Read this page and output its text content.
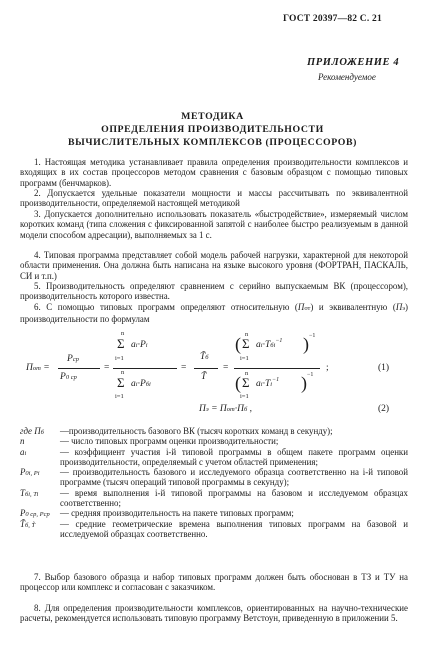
ГОСТ 20397—82 С. 21
ПРИЛОЖЕНИЕ 4
Рекомендуемое
МЕТОДИКА
ОПРЕДЕЛЕНИЯ ПРОИЗВОДИТЕЛЬНОСТИ
ВЫЧИСЛИТЕЛЬНЫХ КОМПЛЕКСОВ (ПРОЦЕССОРОВ)

1. Настоящая методика устанавливает правила определения производительности комплексов и входящих в их состав процессоров методом сравнения с базовым образцом с помощью типовых программ (бенчмарков).

2. Допускается удельные показатели мощности и массы рассчитывать по эквивалентной производительности, определяемой настоящей методикой

3. Допускается дополнительно использовать показатель «быстродействие», измеряемый числом коротких команд (типа сложения с фиксированной запятой с наиболее быстро реализуемым в данной модели способом адресации), выполняемых за 1 с.

4. Типовая программа представляет собой модель рабочей нагрузки, характерной для некоторой области применения. Она должна быть написана на языке высокого уровня (ФОРТРАН, ПАСКАЛЬ, СИ и т.п.)

5. Производительность определяют сравнением с серийно выпускаемым ВК (процессором), производительность которого известна.

6. С помощью типовых программ определяют относительную (Пот) и эквивалентную (Пэ) производительности по формулам

Пот =
Pср
P0 ср
=
n
Σ ai·Pi
i=1
n
Σ ai·Pбi
i=1
=
T̃б
T̃
=
( n
Σ ai·Tбi$^{-1}$ ) −1
i=1
( n
Σ $ai\cdot Ti^{-1}$ ) −1
i=1
;	(1)
Пэ = Пот·Пб ,	(2)
где Пб	—производительность базового ВК (тысяч коротких команд в секунду);
n	— число типовых программ оценки производительности;
ai	— коэффициент участия i-й типовой программы в общем пакете программ оценки производительности, определяемый с учетом областей применения;
P0i, Pi	— производительность базового и исследуемого образца соответственно на i-й типовой программе (тысяч операций типовой программы в секунду);
Tбi, Ti	— время выполнения i-й типовой программы на базовом и исследуемом образцах соответственно;
P0 ср, Pср	— средняя производительность на пакете типовых программ;
T̃б, T̃	— средние геометрические времена выполнения типовых программ на базовой и исследуемой образцах соответственно.

7. Выбор базового образца и набор типовых программ должен быть обоснован в ТЗ и ТУ на процессор или комплекс и согласован с заказчиком.

8. Для определения производительности комплексов, ориентированных на научно-технические расчеты, рекомендуется использовать типовую программу Ветстоун, приведенную в приложении 5.
